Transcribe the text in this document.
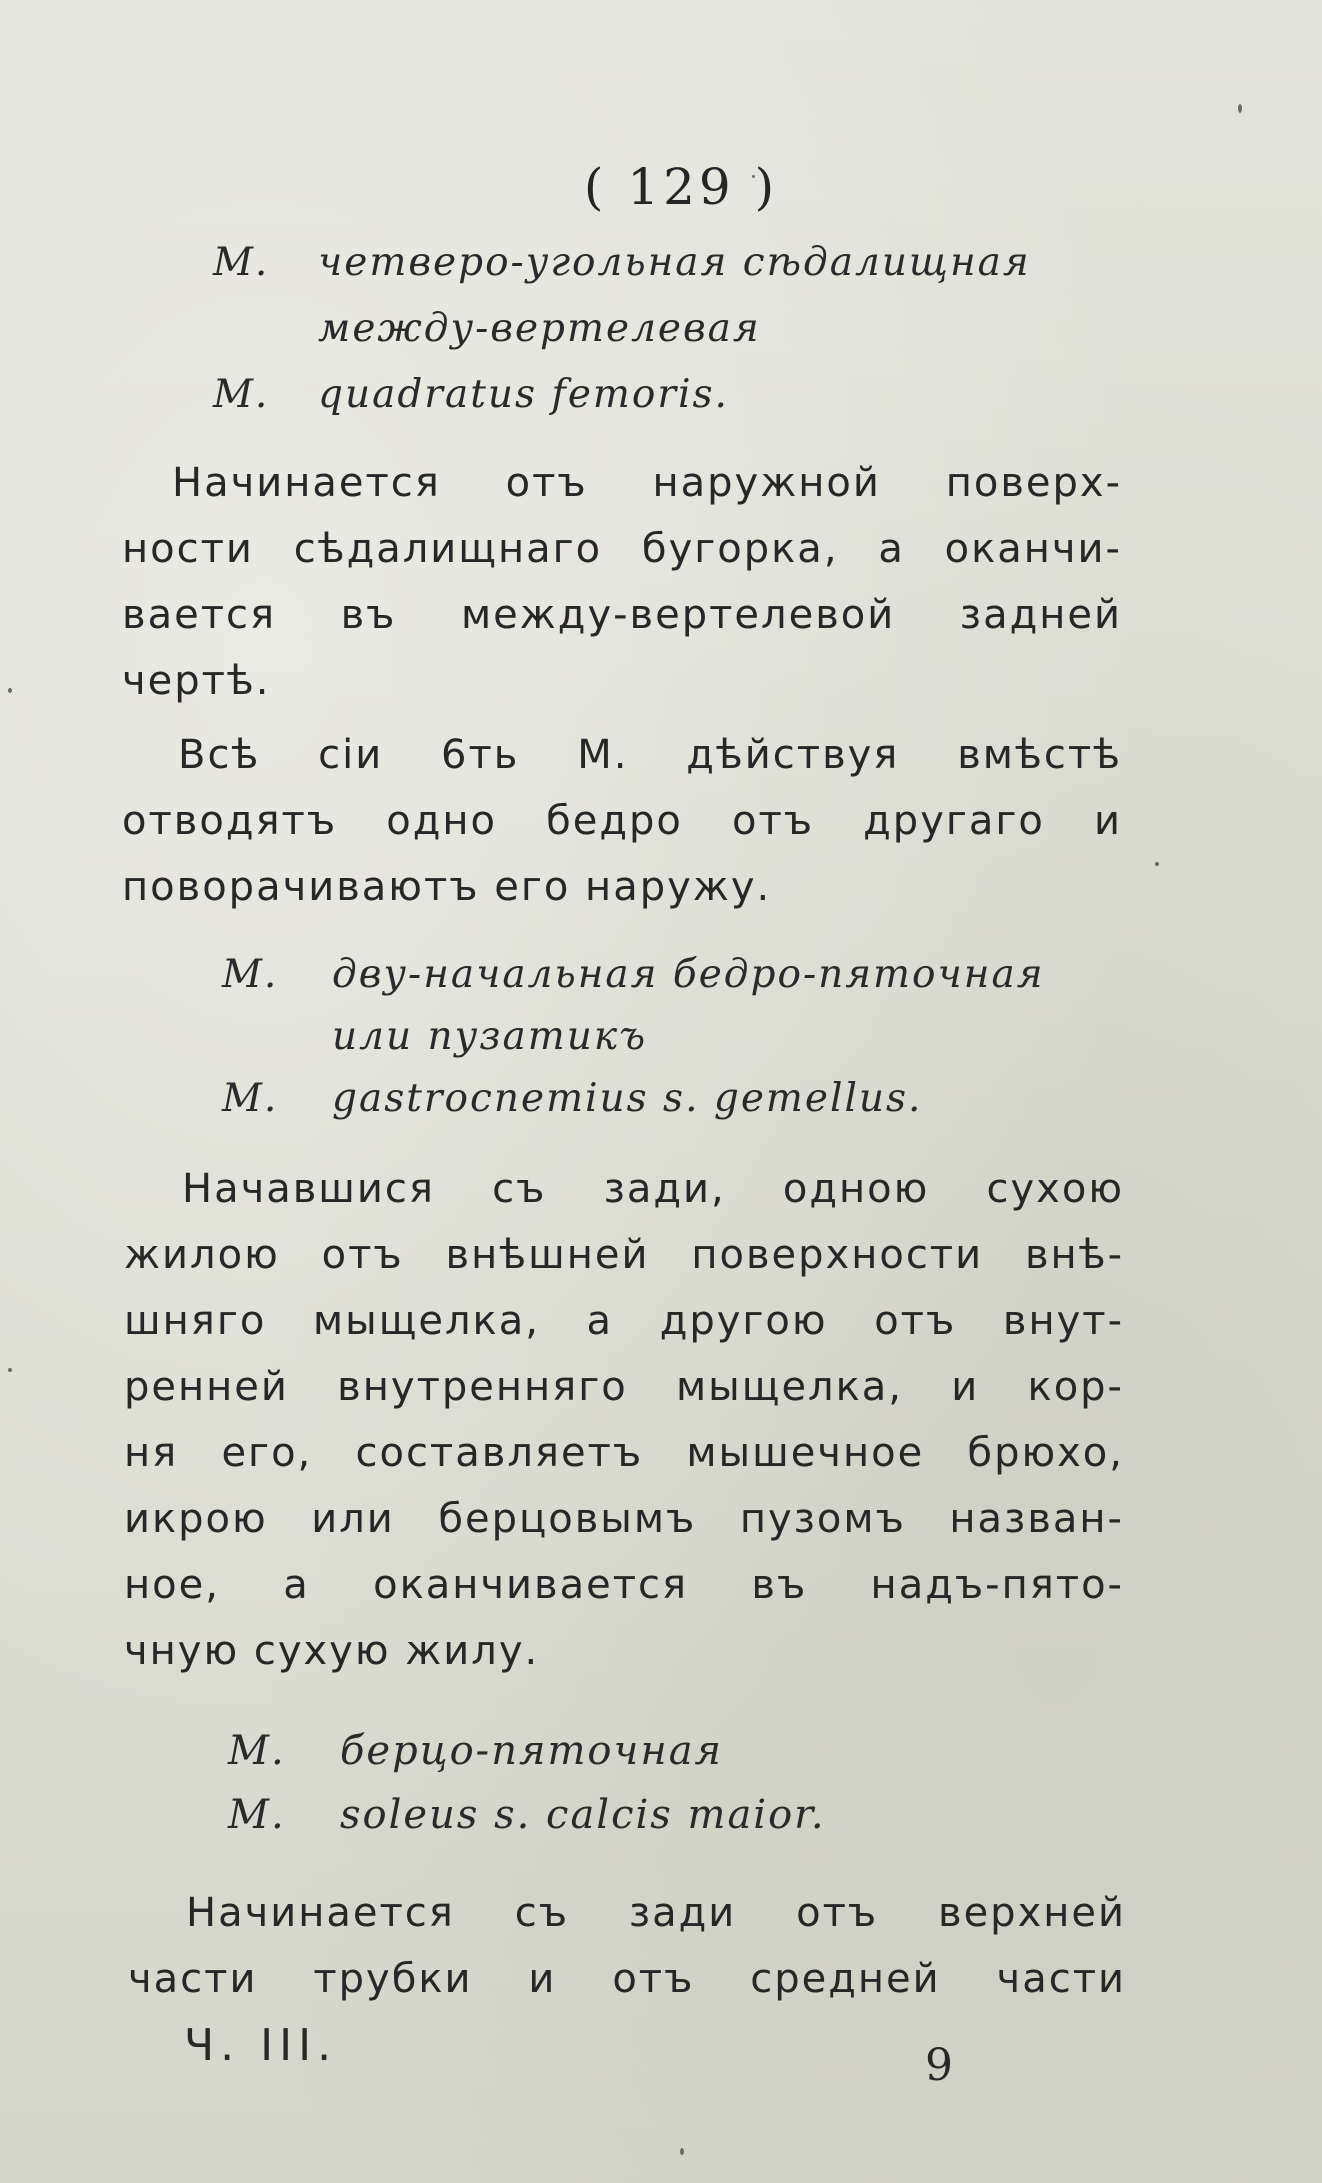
( 129 )
M. четверо-угольная сѣдалищная
между-вертелевая
M. quadratus femoris.
Начинается отъ наружной поверх-
ности сѣдалищнаго бугорка, а оканчи-
вается въ между-вертелевой задней
чертѣ.
Всѣ сіи 6ть М. дѣйствуя вмѣстѣ
отводятъ одно бедро отъ другаго и
поворачиваютъ его наружу.
М. дву-начальная бедро-пяточная
или пузатикъ
M. gastrocnemius s. gemellus.
Начавшися съ зади, одною сухою
жилою отъ внѣшней поверхности внѣ-
шняго мыщелка, а другою отъ внут-
ренней внутренняго мыщелка, и кор-
ня его, составляетъ мышечное брюхо,
икрою или берцовымъ пузомъ назван-
ное, а оканчивается въ надъ-пято-
чную сухую жилу.
М. берцо-пяточная
M. soleus s. calcis maior.
Начинается съ зади отъ верхней
части трубки и отъ средней части
Ч. III.	9
